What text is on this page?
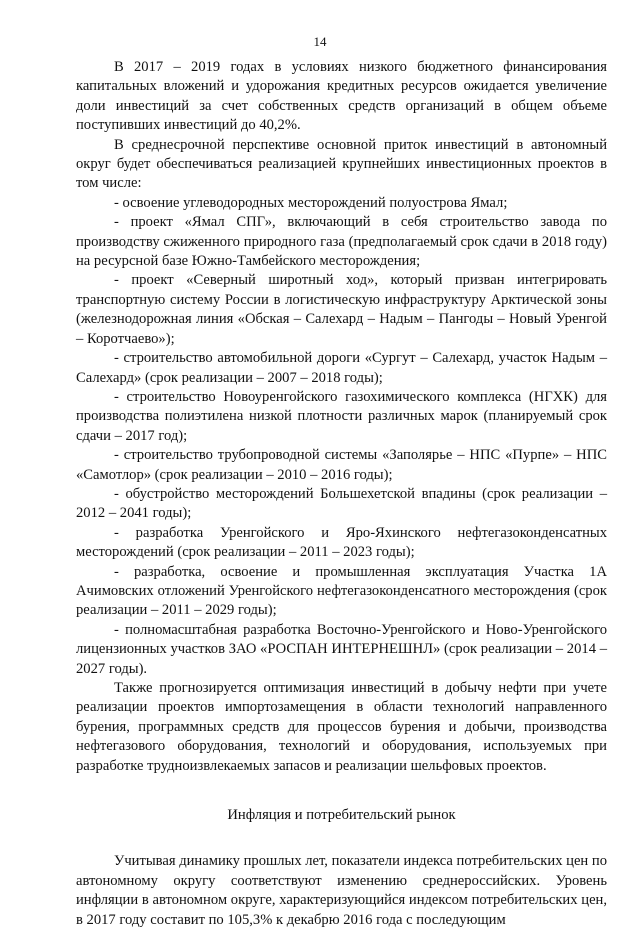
14

В 2017 – 2019 годах в условиях низкого бюджетного финансирования капитальных вложений и удорожания кредитных ресурсов ожидается увеличение доли инвестиций за счет собственных средств организаций в общем объеме поступивших инвестиций до 40,2%.

В среднесрочной перспективе основной приток инвестиций в автономный округ будет обеспечиваться реализацией крупнейших инвестиционных проектов в том числе:

- освоение углеводородных месторождений полуострова Ямал;

- проект «Ямал СПГ», включающий в себя строительство завода по производству сжиженного природного газа (предполагаемый срок сдачи в 2018 году) на ресурсной базе Южно-Тамбейского месторождения;

- проект «Северный широтный ход», который призван интегрировать транспортную систему России в логистическую инфраструктуру Арктической зоны (железнодорожная линия «Обская – Салехард – Надым – Пангоды – Новый Уренгой – Коротчаево»);

- строительство автомобильной дороги «Сургут – Салехард, участок Надым – Салехард» (срок реализации – 2007 – 2018 годы);

- строительство Новоуренгойского газохимического комплекса (НГХК) для производства полиэтилена низкой плотности различных марок (планируемый срок сдачи – 2017 год);

- строительство трубопроводной системы «Заполярье – НПС «Пурпе» – НПС «Самотлор» (срок реализации – 2010 – 2016 годы);

- обустройство месторождений Большехетской впадины (срок реализации – 2012 – 2041 годы);

- разработка Уренгойского и Яро-Яхинского нефтегазоконденсатных месторождений (срок реализации – 2011 – 2023 годы);

- разработка, освоение и промышленная эксплуатация Участка 1А Ачимовских отложений Уренгойского нефтегазоконденсатного месторождения (срок реализации – 2011 – 2029 годы);

- полномасштабная разработка Восточно-Уренгойского и Ново-Уренгойского лицензионных участков ЗАО «РОСПАН ИНТЕРНЕШНЛ» (срок реализации – 2014 – 2027 годы).

Также прогнозируется оптимизация инвестиций в добычу нефти при учете реализации проектов импортозамещения в области технологий направленного бурения, программных средств для процессов бурения и добычи, производства нефтегазового оборудования, технологий и оборудования, используемых при разработке трудноизвлекаемых запасов и реализации шельфовых проектов.

Инфляция и потребительский рынок

Учитывая динамику прошлых лет, показатели индекса потребительских цен по автономному округу соответствуют изменению среднероссийских. Уровень инфляции в автономном округе, характеризующийся индексом потребительских цен, в 2017 году составит по 105,3% к декабрю 2016 года с последующим
